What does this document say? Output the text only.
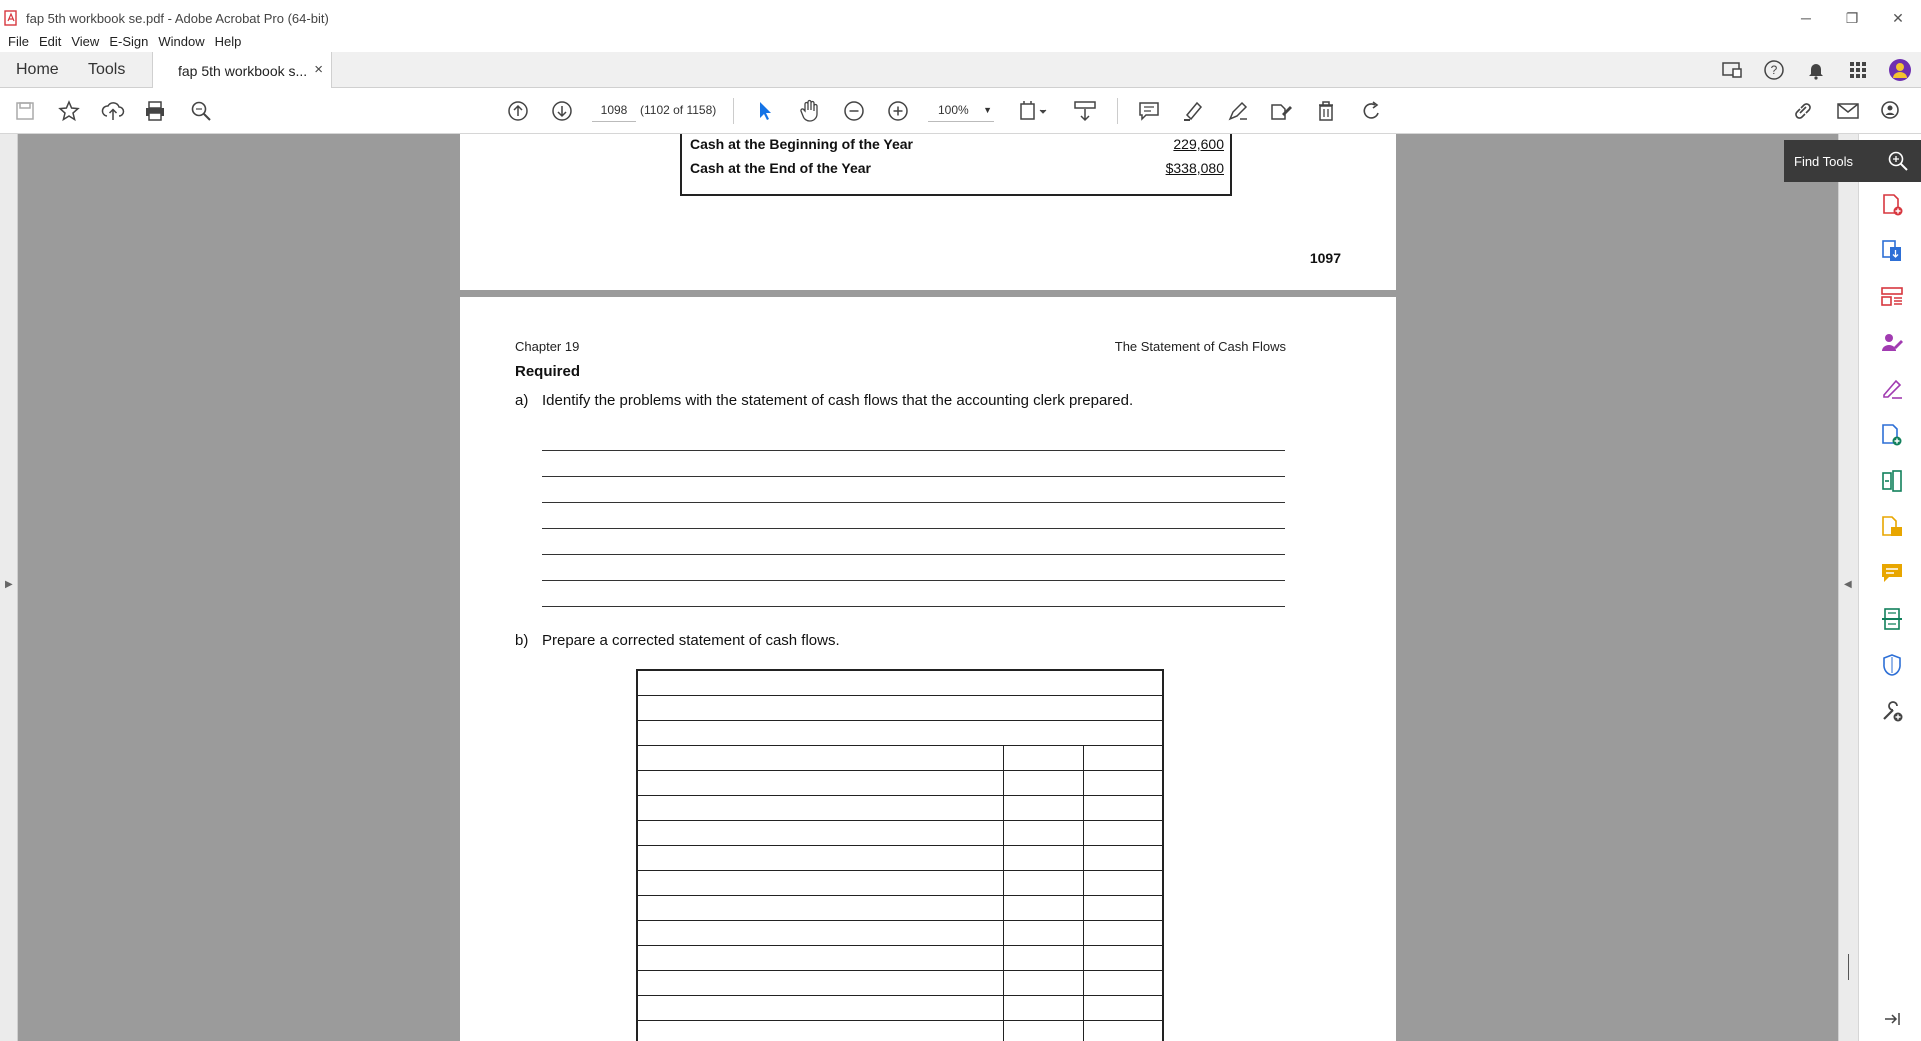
fap 5th workbook se.pdf - Adobe Acrobat Pro (64-bit)	─	❐	✕
File Edit View E-Sign Window Help
Home Tools	fap 5th workbook s... ×	?
1098	(1102 of 1158)	100% ▼
▶
Cash at the Beginning of the Year	229,600
Cash at the End of the Year	$338,080
1097
Chapter 19	The Statement of Cash Flows
Required
a) Identify the problems with the statement of cash flows that the accounting clerk prepared.
b) Prepare a corrected statement of cash flows.

◀
Find Tools
